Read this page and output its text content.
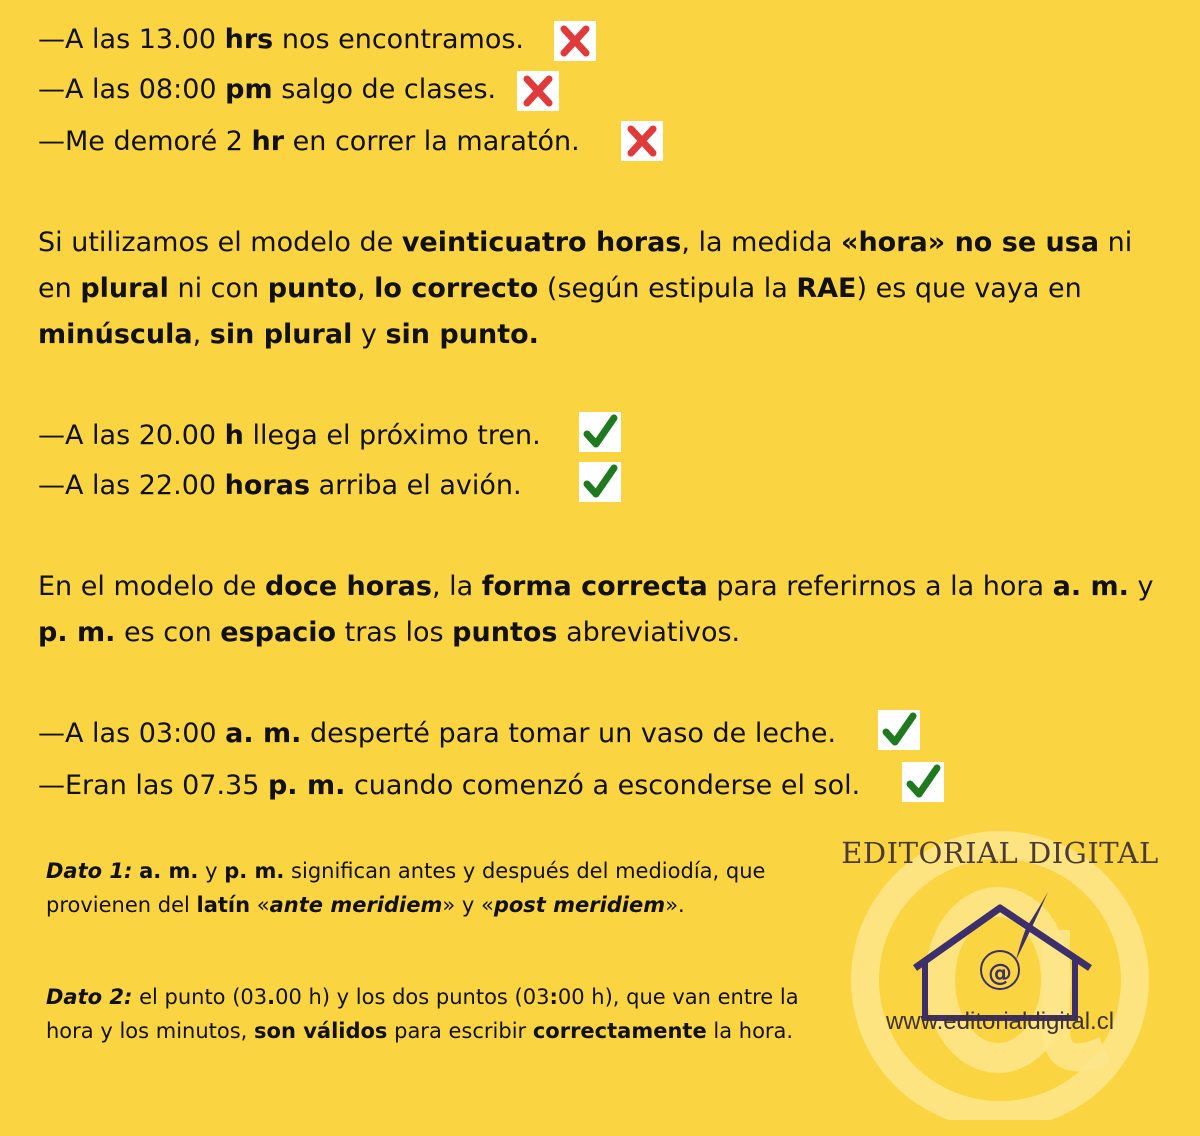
—A las 13.00 hrs nos encontramos.
—A las 08:00 pm salgo de clases.
—Me demoré 2 hr en correr la maratón.
Si utilizamos el modelo de veinticuatro horas, la medida «hora» no se usa ni en plural ni con punto, lo correcto (según estipula la RAE) es que vaya en minúscula, sin plural y sin punto.
—A las 20.00 h llega el próximo tren.
—A las 22.00 horas arriba el avión.
En el modelo de doce horas, la forma correcta para referirnos a la hora a. m. y p. m. es con espacio tras los puntos abreviativos.
—A las 03:00 a. m. desperté para tomar un vaso de leche.
—Eran las 07.35 p. m. cuando comenzó a esconderse el sol.
Dato 1: a. m. y p. m. significan antes y después del mediodía, que provienen del latín «ante meridiem» y «post meridiem».
Dato 2: el punto (03.00 h) y los dos puntos (03:00 h), que van entre la hora y los minutos, son válidos para escribir correctamente la hora.
EDITORIAL DIGITAL
@
www.editorialdigital.cl
